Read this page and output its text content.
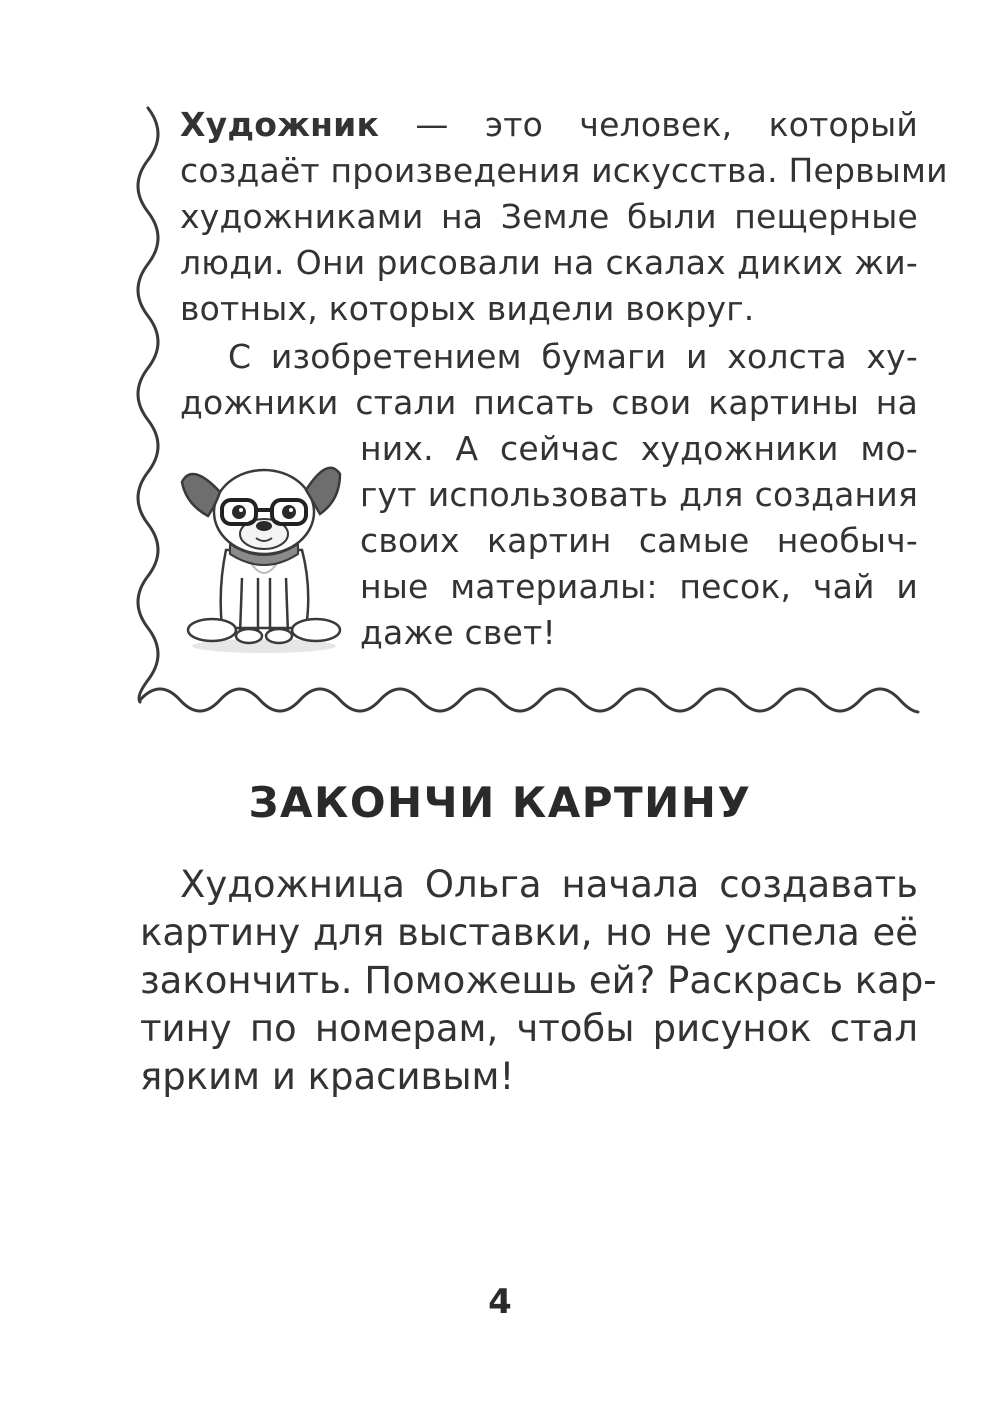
Художник — это человек, который
создаёт произведения искусства. Первыми
художниками на Земле были пещерные
люди. Они рисовали на скалах диких жи-
вотных, которых видели вокруг.
С изобретением бумаги и холста ху-
дожники стали писать свои картины на
них. А сейчас художники мо-
гут использовать для создания
своих картин самые необыч-
ные материалы: песок, чай и
даже свет!
ЗАКОНЧИ КАРТИНУ
Художница Ольга начала создавать
картину для выставки, но не успела её
закончить. Поможешь ей? Раскрась кар-
тину по номерам, чтобы рисунок стал
ярким и красивым!
4
